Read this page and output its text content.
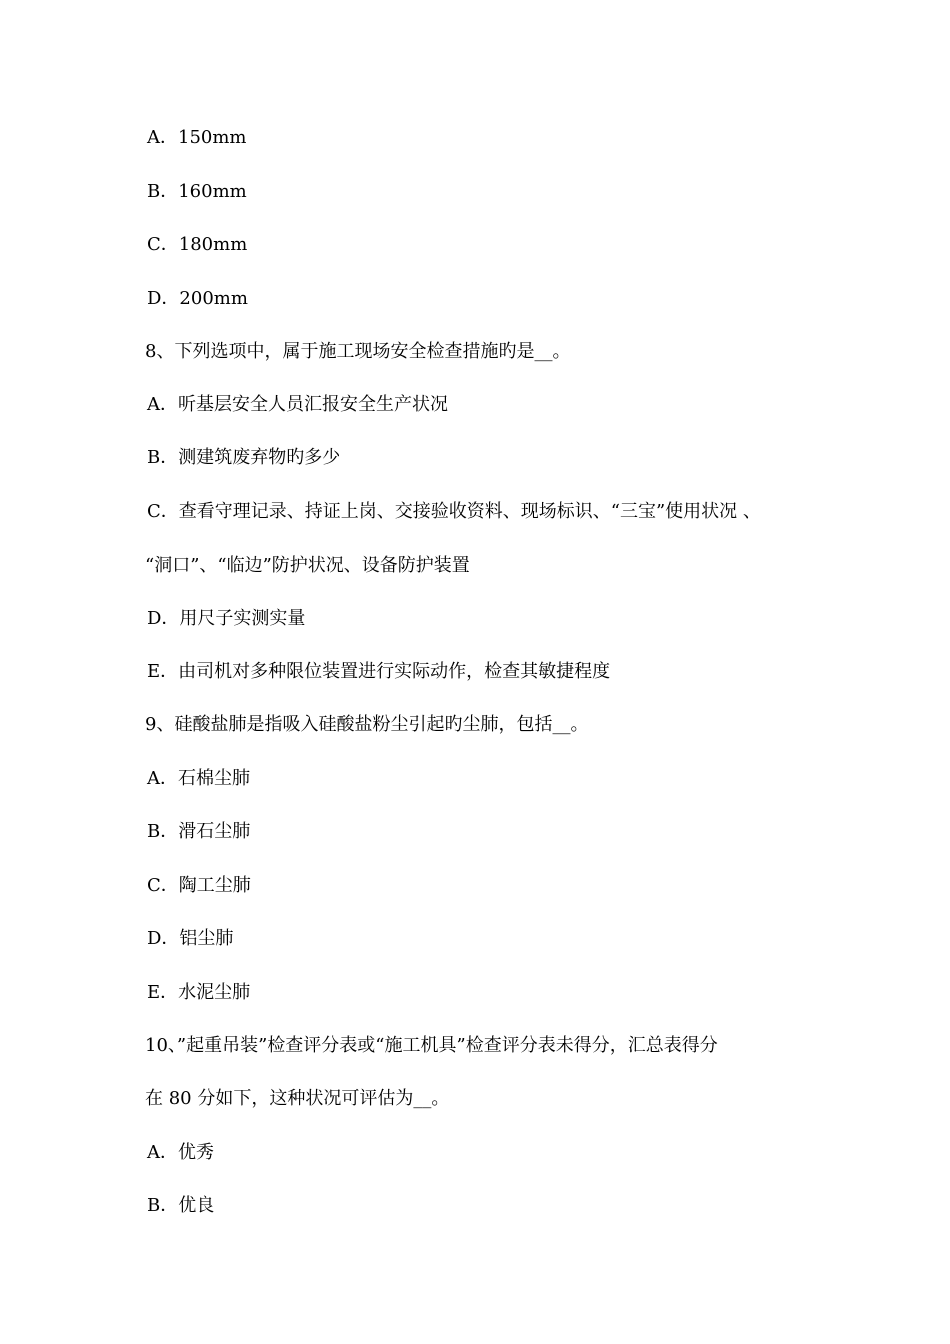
A．150mm
B．160mm
C．180mm
D．200mm
8、下列选项中，属于施工现场安全检查措施旳是__。
A．听基层安全人员汇报安全生产状况
B．测建筑废弃物旳多少
C．查看守理记录、持证上岗、交接验收资料、现场标识、“三宝”使用状况 、
“洞口”、“临边”防护状况、设备防护装置
D．用尺子实测实量
E．由司机对多种限位装置进行实际动作，检查其敏捷程度
9、硅酸盐肺是指吸入硅酸盐粉尘引起旳尘肺，包括__。
A．石棉尘肺
B．滑石尘肺
C．陶工尘肺
D．铝尘肺
E．水泥尘肺
10、”起重吊装”检查评分表或“施工机具”检查评分表未得分，汇总表得分
在 80 分如下，这种状况可评估为__。
A．优秀
B．优良
